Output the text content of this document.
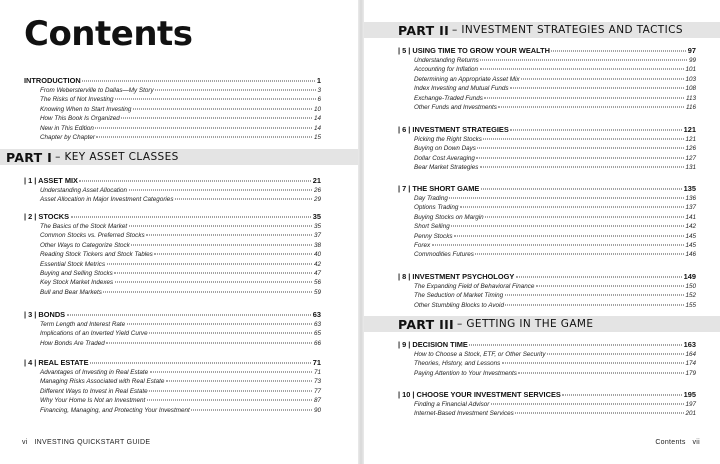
Contents
INTRODUCTION	1
From Webersterville to Dallas—My Story	3
The Risks of Not Investing	6
Knowing When to Start Investing	10
How This Book Is Organized	14
New in This Edition	14
Chapter by Chapter	15
PART I – KEY ASSET CLASSES
| 1 | ASSET MIX	21
Understanding Asset Allocation	26
Asset Allocation in Major Investment Categories	29
| 2 | STOCKS	35
The Basics of the Stock Market	35
Common Stocks vs. Preferred Stocks	37
Other Ways to Categorize Stock	38
Reading Stock Tickers and Stock Tables	40
Essential Stock Metrics	42
Buying and Selling Stocks	47
Key Stock Market Indexes	56
Bull and Bear Markets	59
| 3 | BONDS	63
Term Length and Interest Rate	63
Implications of an Inverted Yield Curve	65
How Bonds Are Traded	66
| 4 | REAL ESTATE	71
Advantages of Investing in Real Estate	71
Managing Risks Associated with Real Estate	73
Different Ways to Invest in Real Estate	77
Why Your Home Is Not an Investment	87
Financing, Managing, and Protecting Your Investment	90
vi INVESTING QUICKSTART GUIDE
PART II – INVESTMENT STRATEGIES AND TACTICS
| 5 | USING TIME TO GROW YOUR WEALTH	97
Understanding Returns	99
Accounting for Inflation	101
Determining an Appropriate Asset Mix	103
Index Investing and Mutual Funds	108
Exchange-Traded Funds	113
Other Funds and Investments	116
| 6 | INVESTMENT STRATEGIES	121
Picking the Right Stocks	121
Buying on Down Days	126
Dollar Cost Averaging	127
Bear Market Strategies	131
| 7 | THE SHORT GAME	135
Day Trading	136
Options Trading	137
Buying Stocks on Margin	141
Short Selling	142
Penny Stocks	145
Forex	145
Commodities Futures	146
| 8 | INVESTMENT PSYCHOLOGY	149
The Expanding Field of Behavioral Finance	150
The Seduction of Market Timing	152
Other Stumbling Blocks to Avoid	155
PART III – GETTING IN THE GAME
| 9 | DECISION TIME	163
How to Choose a Stock, ETF, or Other Security	164
Theories, History, and Lessons	174
Paying Attention to Your Investments	179
| 10 | CHOOSE YOUR INVESTMENT SERVICES	195
Finding a Financial Advisor	197
Internet-Based Investment Services	201
Contents vii
